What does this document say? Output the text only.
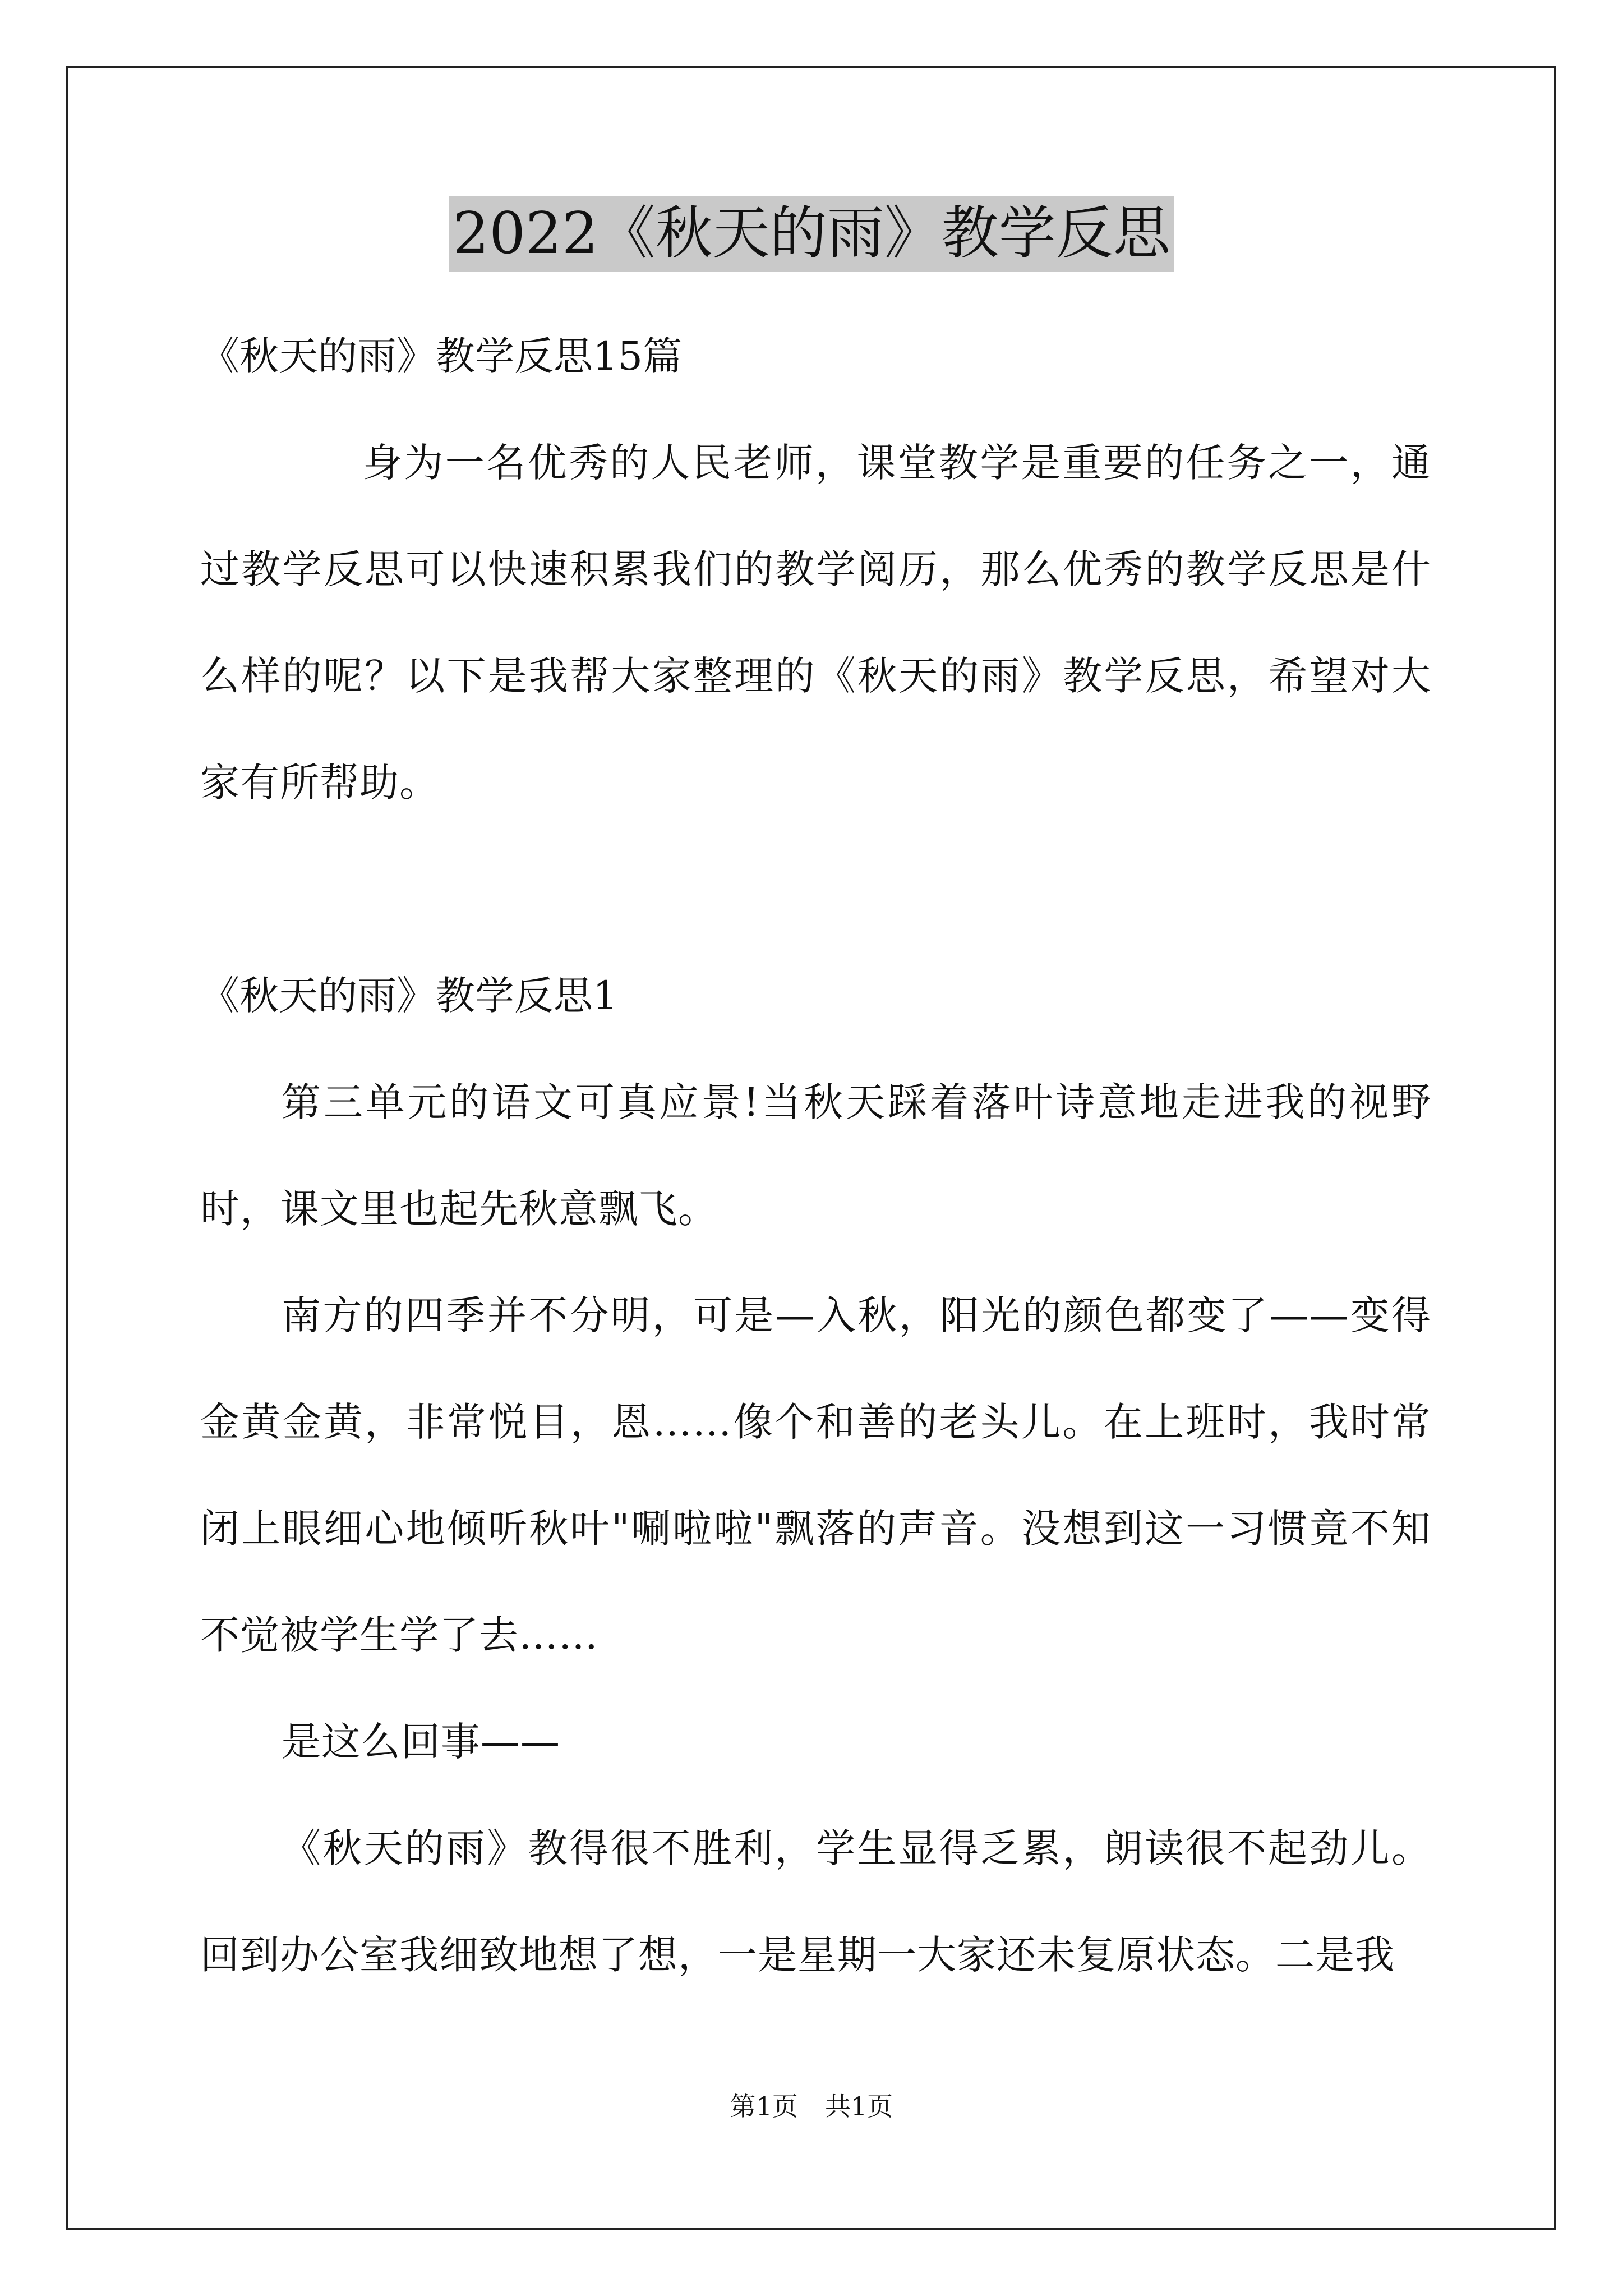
2022《秋天的雨》教学反思

《秋天的雨》教学反思15篇

身为一名优秀的人民老师，课堂教学是重要的任务之一，通过教学反思可以快速积累我们的教学阅历，那么优秀的教学反思是什么样的呢？以下是我帮大家整理的《秋天的雨》教学反思，希望对大家有所帮助。

《秋天的雨》教学反思1

第三单元的语文可真应景!当秋天踩着落叶诗意地走进我的视野时，课文里也起先秋意飘飞。

南方的四季并不分明，可是—入秋，阳光的颜色都变了——变得金黄金黄，非常悦目，恩……像个和善的老头儿。在上班时，我时常闭上眼细心地倾听秋叶"唰啦啦"飘落的声音。没想到这一习惯竟不知不觉被学生学了去……

是这么回事——

《秋天的雨》教得很不胜利，学生显得乏累，朗读很不起劲儿。回到办公室我细致地想了想，一是星期一大家还未复原状态。二是我

第1页 共1页
